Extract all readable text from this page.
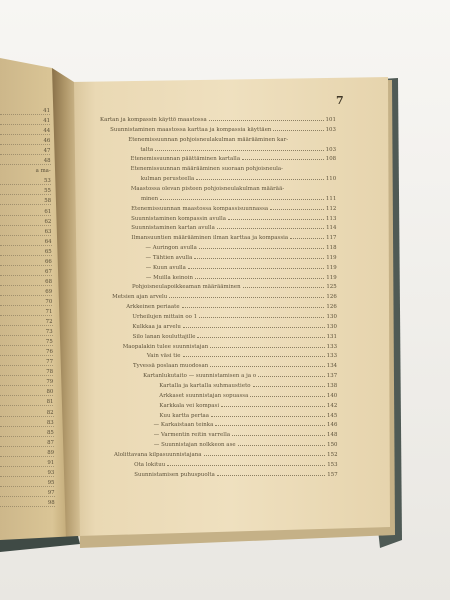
7
Kartan ja kompassin käyttö maastossa	101
Suunnistaminen maastossa karttaa ja kompassia käyttäen	103
Etenemissuunnan pohjoisneulakulman määrääminen kar-
talta	103
Etenemissuunnan päättäminen kartalla	108
Etenemissuunnan määrääminen suoraan pohjoisneula-
kulman perusteella	110
Maastossa olevan pisteen pohjoisneulakulman määrää-
minen	111
Etenemissuunnan maastossa kompassisuunnassa	112
Suunnistaminen kompassin avulla	113
Suunnistaminen kartan avulla	114
Ilmansuuntien määrääminen ilman karttaa ja kompassia	117
— Auringon avulla	118
— Tähtien avulla	119
— Kuun avulla	119
— Muilla keinoin	119
Pohjoisneulapoikkeaman määrääminen	125
Metsien ajan arvelu	126
Arkkeinen periaate	126
Urheilujen mittain oo 1	130
Kulkkaa ja arvelu	130
Silo lanan kouluttajille	131
Maopalakin tulee suunnistajan	133
Vain väsi tie	133
Tyvessä poslaan muodosan	134
Kartanlukutaito — suunnistamisen a ja o	137
Kartalla ja kartalla suhmaustieto	138
Arkkaset suunnistajan sopuassa	140
Karkkala vei kompasi	142
Kuu kartta pertaa	145
— Karkaistaan teinka	146
— Varmentin reitin varrella	148
— Suunnistajan nolkkeon ase	150
Alolittavana kilpasuunnistajana	152
Ota lokituu	153
Suunnistamisen puhuspuolta	157
41
41
44
46
47
48
a ma-
53
55
58
61
62
63
64
65
66
67
68
69
70
71
72
73
75
76
77
78
79
80
81
82
83
85
87
89
91
93
95
97
98
